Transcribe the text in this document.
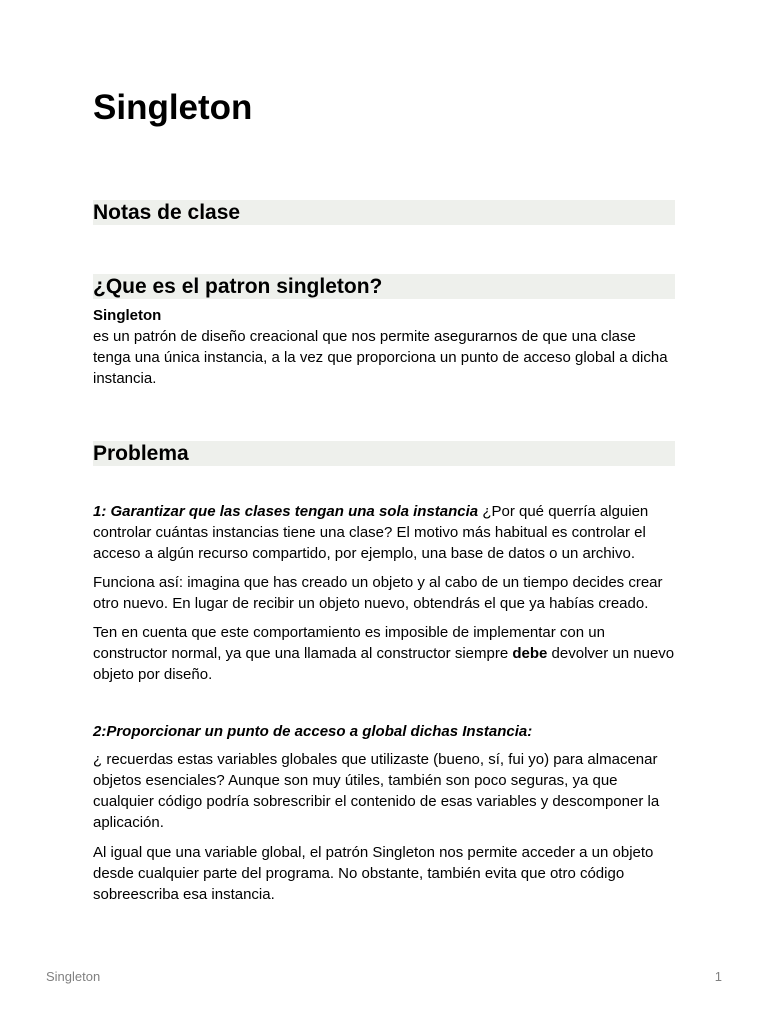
Singleton
Notas de clase
¿Que es el patron singleton?

Singleton
es un patrón de diseño creacional que nos permite asegurarnos de que una clase tenga una única instancia, a la vez que proporciona un punto de acceso global a dicha instancia.

Problema

1: Garantizar que las clases tengan una sola instancia ¿Por qué querría alguien controlar cuántas instancias tiene una clase? El motivo más habitual es controlar el acceso a algún recurso compartido, por ejemplo, una base de datos o un archivo.

Funciona así: imagina que has creado un objeto y al cabo de un tiempo decides crear otro nuevo. En lugar de recibir un objeto nuevo, obtendrás el que ya habías creado.

Ten en cuenta que este comportamiento es imposible de implementar con un constructor normal, ya que una llamada al constructor siempre debe devolver un nuevo objeto por diseño.

2:Proporcionar un punto de acceso a global dichas Instancia:

¿ recuerdas estas variables globales que utilizaste (bueno, sí, fui yo) para almacenar objetos esenciales? Aunque son muy útiles, también son poco seguras, ya que cualquier código podría sobrescribir el contenido de esas variables y descomponer la aplicación.

Al igual que una variable global, el patrón Singleton nos permite acceder a un objeto desde cualquier parte del programa. No obstante, también evita que otro código sobreescriba esa instancia.

Singleton	1
